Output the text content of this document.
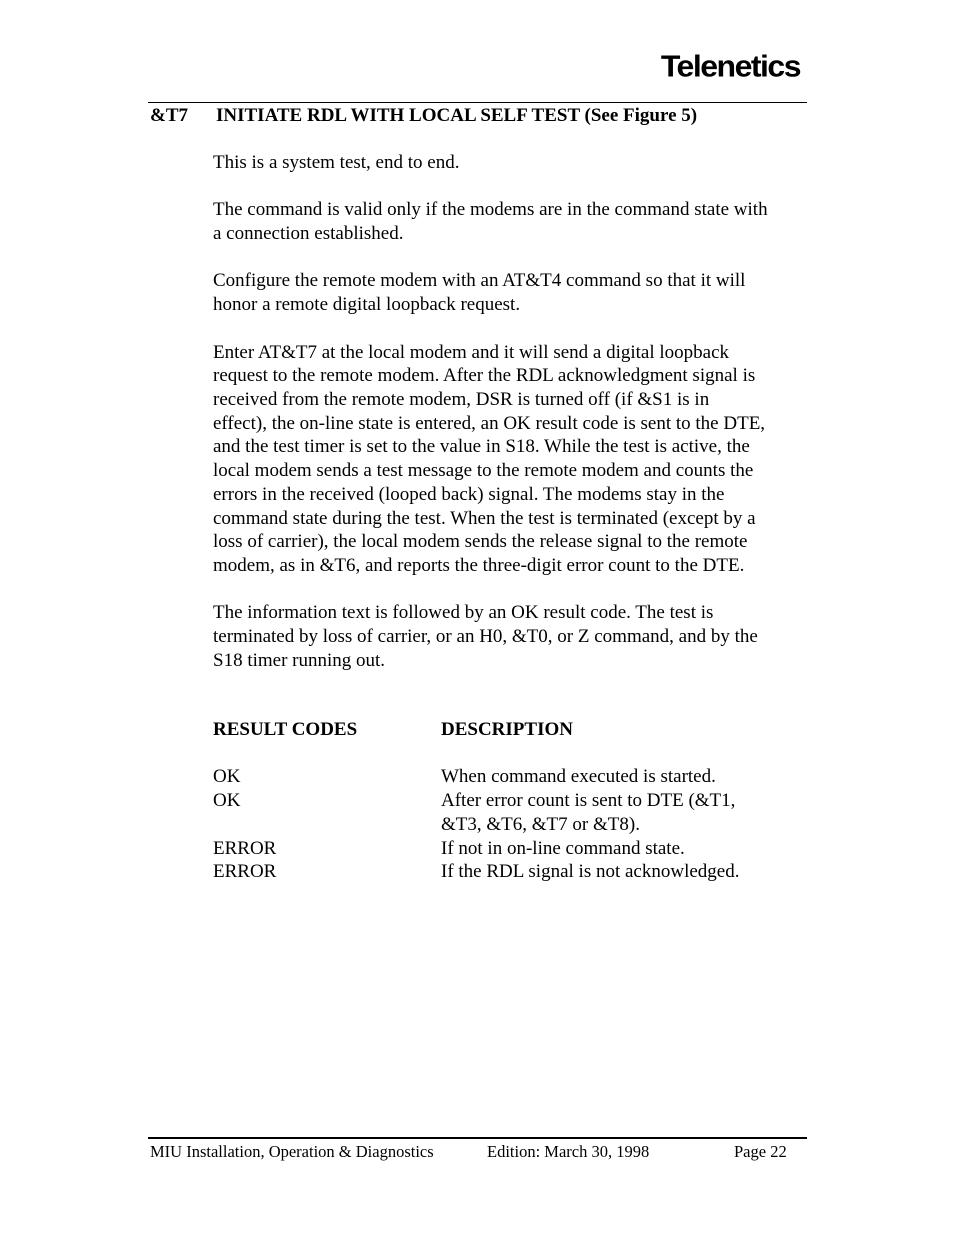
Telenetics
&T7 INITIATE RDL WITH LOCAL SELF TEST (See Figure 5)

This is a system test, end to end.

The command is valid only if the modems are in the command state with
a connection established.

Configure the remote modem with an AT&T4 command so that it will
honor a remote digital loopback request.

Enter AT&T7 at the local modem and it will send a digital loopback
request to the remote modem. After the RDL acknowledgment signal is
received from the remote modem, DSR is turned off (if &S1 is in
effect), the on-line state is entered, an OK result code is sent to the DTE,
and the test timer is set to the value in S18. While the test is active, the
local modem sends a test message to the remote modem and counts the
errors in the received (looped back) signal. The modems stay in the
command state during the test. When the test is terminated (except by a
loss of carrier), the local modem sends the release signal to the remote
modem, as in &T6, and reports the three-digit error count to the DTE.

The information text is followed by an OK result code. The test is
terminated by loss of carrier, or an H0, &T0, or Z command, and by the
S18 timer running out.

RESULT CODES	DESCRIPTION
OK	When command executed is started.
OK	After error count is sent to DTE (&T1,
&T3, &T6, &T7 or &T8).
ERROR	If not in on-line command state.
ERROR	If the RDL signal is not acknowledged.
MIU Installation, Operation & Diagnostics	Edition: March 30, 1998	Page 22
